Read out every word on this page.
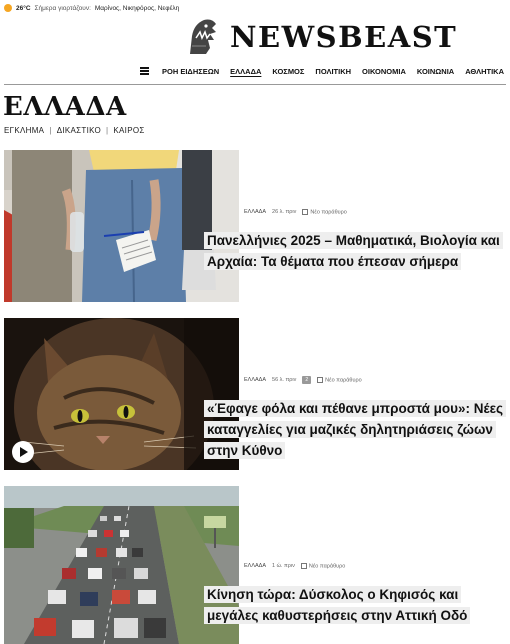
26°C Σήμερα γιορτάζουν: Μαρίνος, Νικηφόρος, Νεφέλη
NEWSBEAST
ΡΟΗ ΕΙΔΗΣΕΩΝ ΕΛΛΑΔΑ ΚΟΣΜΟΣ ΠΟΛΙΤΙΚΗ ΟΙΚΟΝΟΜΙΑ ΚΟΙΝΩΝΙΑ ΑΘΛΗΤΙΚΑ
ΕΛΛΑΔΑ
ΕΓΚΛΗΜΑ | ΔΙΚΑΣΤΙΚΟ | ΚΑΙΡΟΣ
ΕΛΛΑΔΑ 26 λ. πριν	Νέο παράθυρο
Πανελλήνιες 2025 – Μαθηματικά, Βιολογία και Αρχαία: Τα θέματα που έπεσαν σήμερα
ΕΛΛΑΔΑ 56 λ. πριν	2	Νέο παράθυρο
«Έφαγε φόλα και πέθανε μπροστά μου»: Νέες καταγγελίες για μαζικές δηλητηριάσεις ζώων στην Κύθνο
ΕΛΛΑΔΑ 1 ώ. πριν	Νέο παράθυρο
Κίνηση τώρα: Δύσκολος ο Κηφισός και μεγάλες καθυστερήσεις στην Αττική Οδό
